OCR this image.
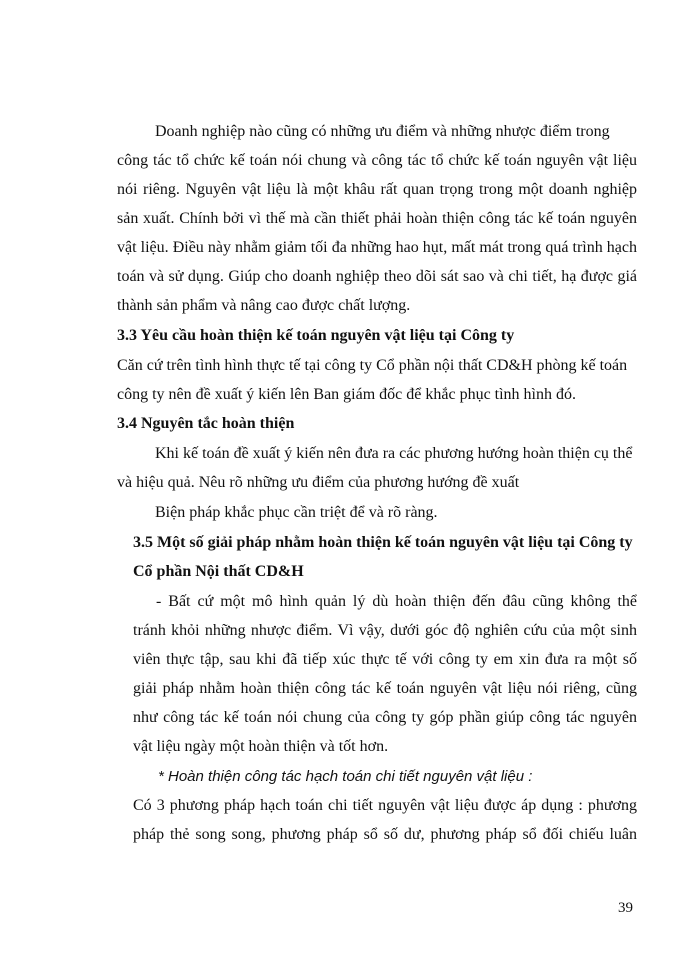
Doanh nghiệp nào cũng có những ưu điểm và những nhược điểm trong
công tác tổ chức kế toán nói chung và công tác tổ chức kế toán nguyên vật liệu
nói riêng. Nguyên vật liệu là một khâu rất quan trọng trong một doanh nghiệp
sản xuất. Chính bởi vì thế mà cần thiết phải hoàn thiện công tác kế toán nguyên
vật liệu. Điều này nhằm giảm tối đa những hao hụt, mất mát trong quá trình hạch
toán và sử dụng. Giúp cho doanh nghiệp theo dõi sát sao và chi tiết, hạ được giá
thành sản phẩm và nâng cao được chất lượng.
3.3 Yêu cầu hoàn thiện kế toán nguyên vật liệu tại Công ty
Căn cứ trên tình hình thực tế tại công ty Cổ phần nội thất CD&H phòng kế toán
công ty nên đề xuất ý kiến lên Ban giám đốc để khắc phục tình hình đó.
3.4 Nguyên tắc hoàn thiện
Khi kế toán đề xuất ý kiến nên đưa ra các phương hướng hoàn thiện cụ thể
và hiệu quả. Nêu rõ những ưu điểm của phương hướng đề xuất
Biện pháp khắc phục cần triệt để và rõ ràng.
3.5 Một số giải pháp nhằm hoàn thiện kế toán nguyên vật liệu tại Công ty
Cổ phần Nội thất CD&H
- Bất cứ một mô hình quản lý dù hoàn thiện đến đâu cũng không thể
tránh khỏi những nhược điểm. Vì vậy, dưới góc độ nghiên cứu của một sinh
viên thực tập, sau khi đã tiếp xúc thực tế với công ty em xin đưa ra một số
giải pháp nhằm hoàn thiện công tác kế toán nguyên vật liệu nói riêng, cũng
như công tác kế toán nói chung của công ty góp phần giúp công tác nguyên
vật liệu ngày một hoàn thiện và tốt hơn.
* Hoàn thiện công tác hạch toán chi tiết nguyên vật liệu :
Có 3 phương pháp hạch toán chi tiết nguyên vật liệu được áp dụng : phương
pháp thẻ song song, phương pháp sổ số dư, phương pháp sổ đối chiếu luân
39
